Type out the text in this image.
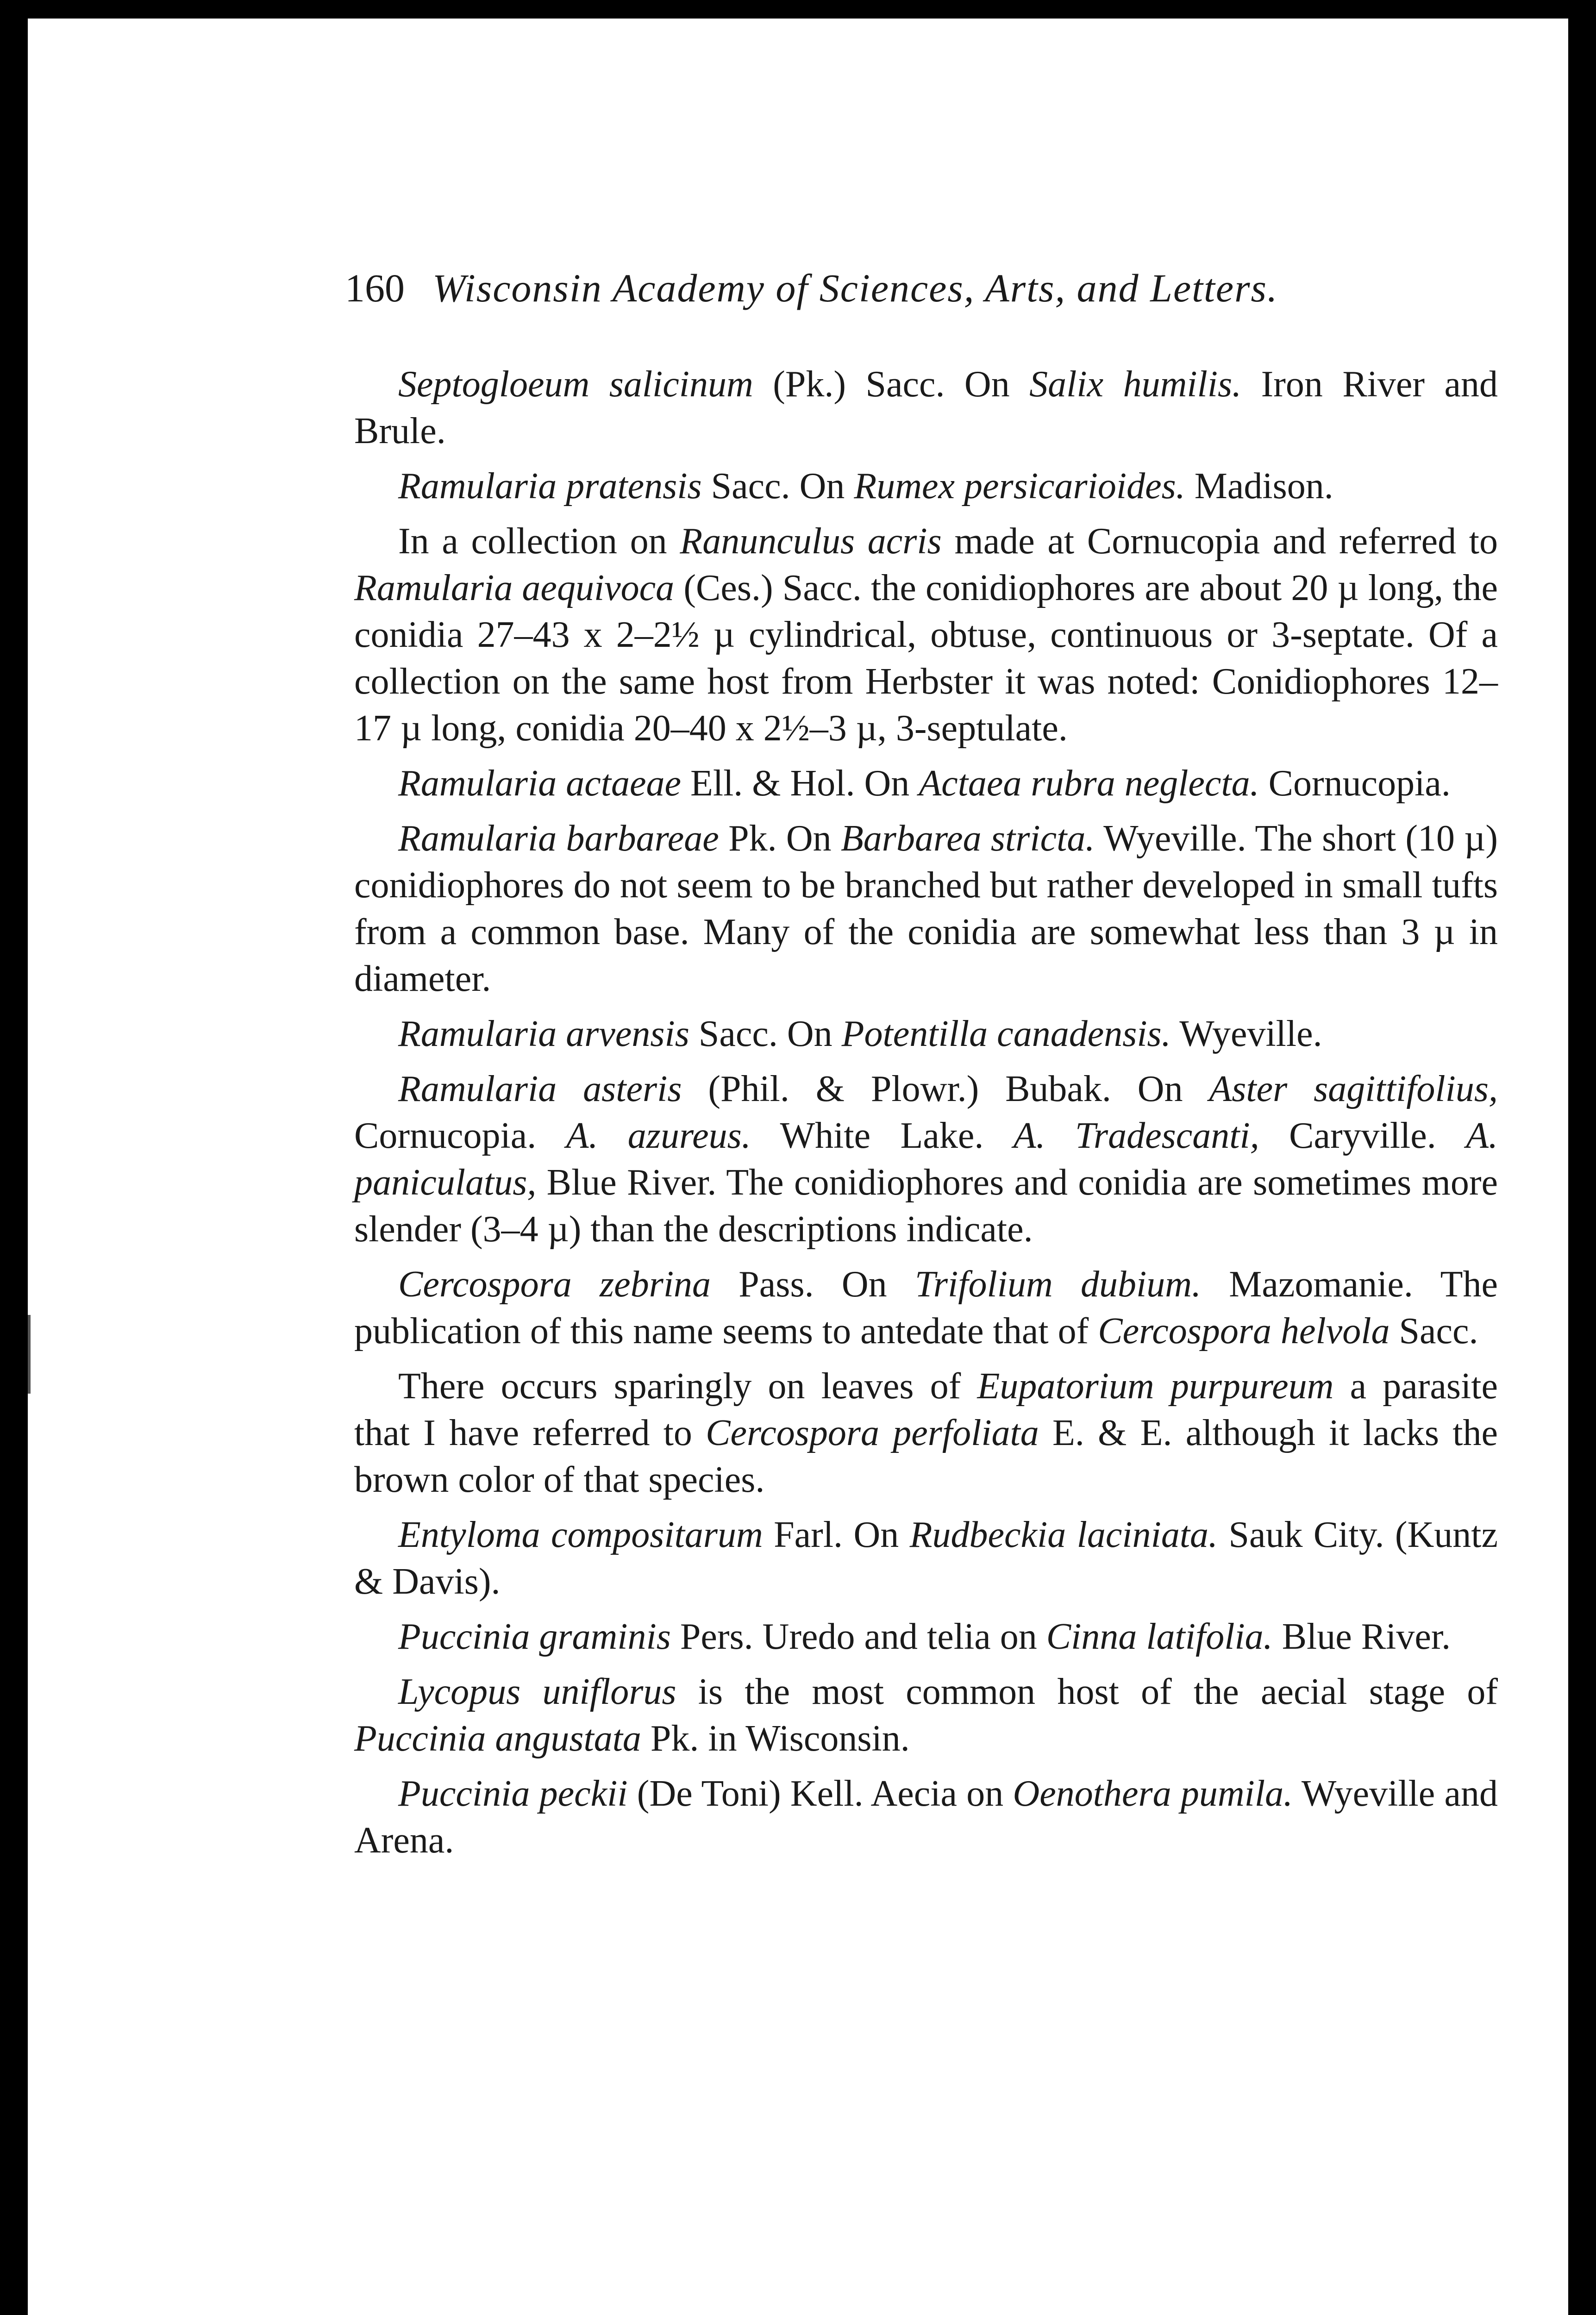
160 Wisconsin Academy of Sciences, Arts, and Letters.

Septogloeum salicinum (Pk.) Sacc. On Salix humilis. Iron River and Brule.

Ramularia pratensis Sacc. On Rumex persicarioides. Madison.

In a collection on Ranunculus acris made at Cornucopia and referred to Ramularia aequivoca (Ces.) Sacc. the conidiophores are about 20 µ long, the conidia 27–43 x 2–2½ µ cylindrical, obtuse, continuous or 3-septate. Of a collection on the same host from Herbster it was noted: Conidiophores 12–17 µ long, conidia 20–40 x 2½–3 µ, 3-septulate.

Ramularia actaeae Ell. & Hol. On Actaea rubra neglecta. Cornucopia.

Ramularia barbareae Pk. On Barbarea stricta. Wyeville. The short (10 µ) conidiophores do not seem to be branched but rather developed in small tufts from a common base. Many of the conidia are somewhat less than 3 µ in diameter.

Ramularia arvensis Sacc. On Potentilla canadensis. Wyeville.

Ramularia asteris (Phil. & Plowr.) Bubak. On Aster sagittifolius, Cornucopia. A. azureus. White Lake. A. Tradescanti, Caryville. A. paniculatus, Blue River. The conidiophores and conidia are sometimes more slender (3–4 µ) than the descriptions indicate.

Cercospora zebrina Pass. On Trifolium dubium. Mazomanie. The publication of this name seems to antedate that of Cercospora helvola Sacc.

There occurs sparingly on leaves of Eupatorium purpureum a parasite that I have referred to Cercospora perfoliata E. & E. although it lacks the brown color of that species.

Entyloma compositarum Farl. On Rudbeckia laciniata. Sauk City. (Kuntz & Davis).

Puccinia graminis Pers. Uredo and telia on Cinna latifolia. Blue River.

Lycopus uniflorus is the most common host of the aecial stage of Puccinia angustata Pk. in Wisconsin.

Puccinia peckii (De Toni) Kell. Aecia on Oenothera pumila. Wyeville and Arena.
